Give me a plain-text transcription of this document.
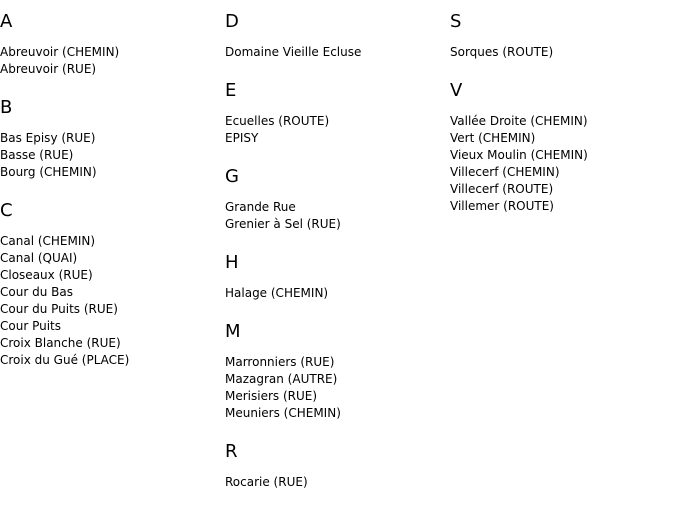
A
Abreuvoir (CHEMIN)
Abreuvoir (RUE)
B
Bas Episy (RUE)
Basse (RUE)
Bourg (CHEMIN)
C
Canal (CHEMIN)
Canal (QUAI)
Closeaux (RUE)
Cour du Bas
Cour du Puits (RUE)
Cour Puits
Croix Blanche (RUE)
Croix du Gué (PLACE)
D
Domaine Vieille Ecluse
E
Ecuelles (ROUTE)
EPISY
G
Grande Rue
Grenier à Sel (RUE)
H
Halage (CHEMIN)
M
Marronniers (RUE)
Mazagran (AUTRE)
Merisiers (RUE)
Meuniers (CHEMIN)
R
Rocarie (RUE)
S
Sorques (ROUTE)
V
Vallée Droite (CHEMIN)
Vert (CHEMIN)
Vieux Moulin (CHEMIN)
Villecerf (CHEMIN)
Villecerf (ROUTE)
Villemer (ROUTE)
